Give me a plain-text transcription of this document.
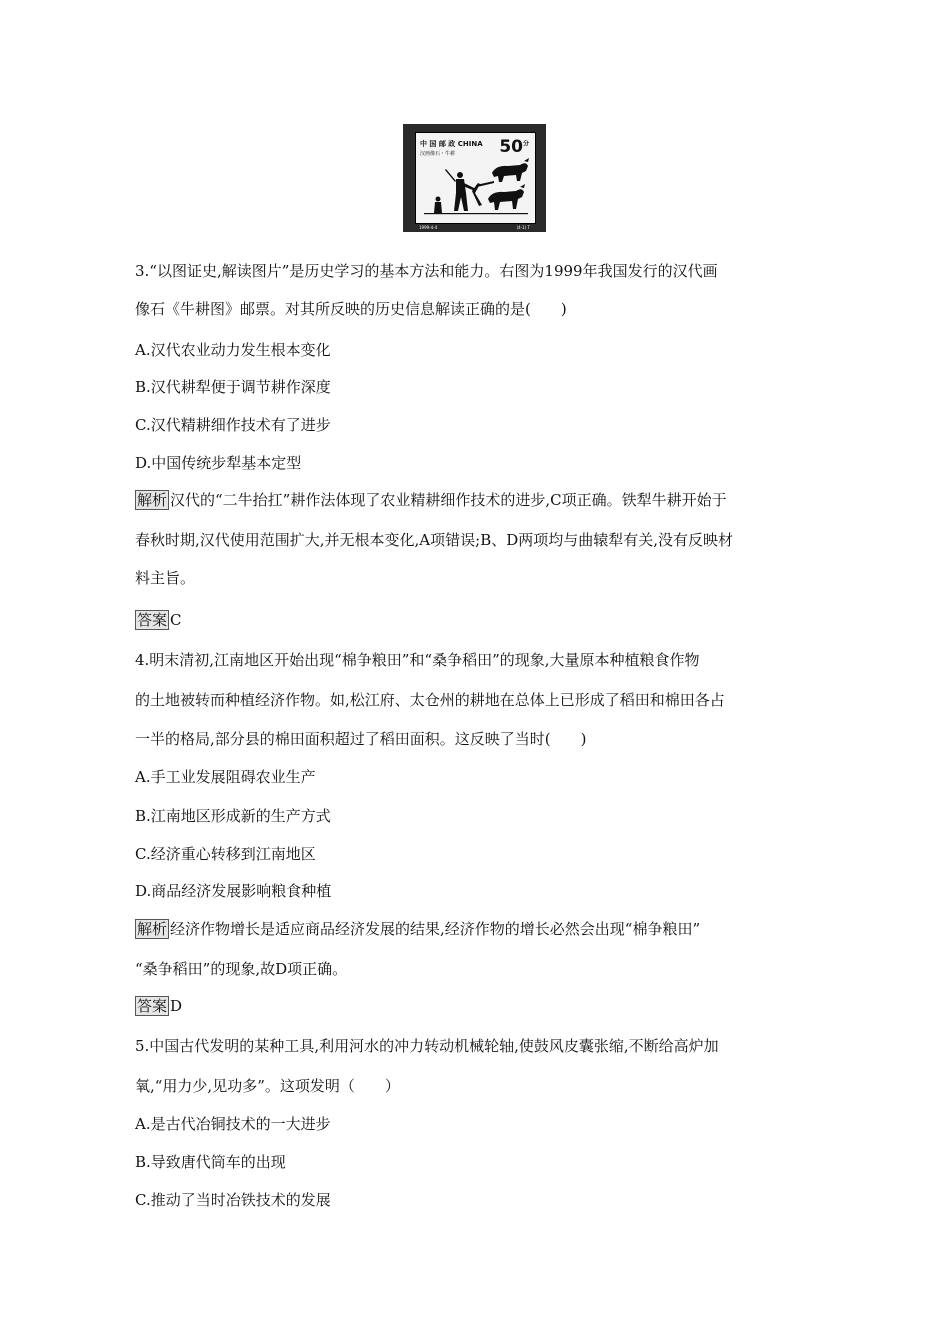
中 国 邮 政 CHINA
汉画像石・牛耕	$50^分$
1999-4-4	(4-1) T
3.“以图证史,解读图片”是历史学习的基本方法和能力。右图为1999年我国发行的汉代画
像石《牛耕图》邮票。对其所反映的历史信息解读正确的是(　　)
A.汉代农业动力发生根本变化
B.汉代耕犁便于调节耕作深度
C.汉代精耕细作技术有了进步
D.中国传统步犁基本定型
解析 汉代的“二牛抬扛”耕作法体现了农业精耕细作技术的进步,C项正确。铁犁牛耕开始于
春秋时期,汉代使用范围扩大,并无根本变化,A项错误;B、D两项均与曲辕犁有关,没有反映材
料主旨。
答案 C
4.明末清初,江南地区开始出现“棉争粮田”和“桑争稻田”的现象,大量原本种植粮食作物
的土地被转而种植经济作物。如,松江府、太仓州的耕地在总体上已形成了稻田和棉田各占
一半的格局,部分县的棉田面积超过了稻田面积。这反映了当时(　　)
A.手工业发展阻碍农业生产
B.江南地区形成新的生产方式
C.经济重心转移到江南地区
D.商品经济发展影响粮食种植
解析 经济作物增长是适应商品经济发展的结果,经济作物的增长必然会出现“棉争粮田”
“桑争稻田”的现象,故D项正确。
答案 D
5.中国古代发明的某种工具,利用河水的冲力转动机械轮轴,使鼓风皮囊张缩,不断给高炉加
氧,“用力少,见功多”。这项发明（　　）
A.是古代冶铜技术的一大进步
B.导致唐代筒车的出现
C.推动了当时冶铁技术的发展
